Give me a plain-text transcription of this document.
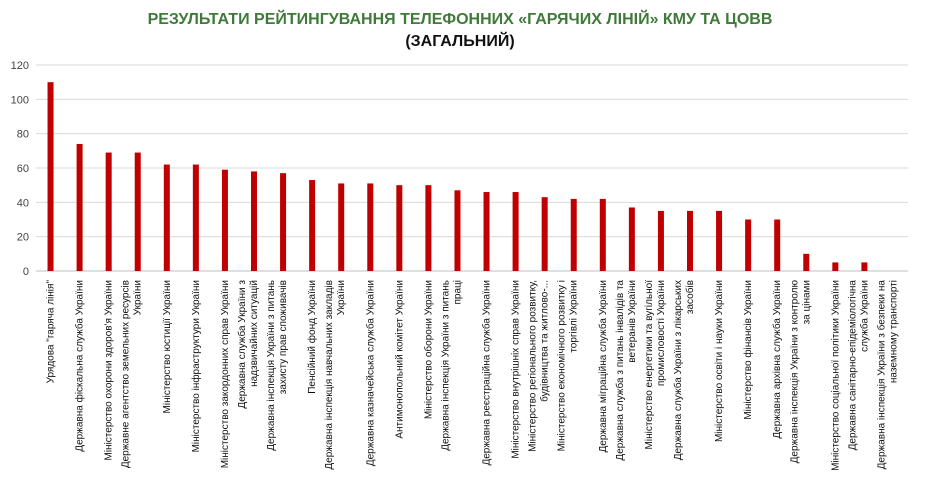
РЕЗУЛЬТАТИ РЕЙТИНГУВАННЯ ТЕЛЕФОННИХ «ГАРЯЧИХ ЛІНІЙ» КМУ ТА ЦОВВ
(ЗАГАЛЬНИЙ)
0
20
40
60
80
100
120
Урядова "гаряча лінія" Державна фіскальна служба України Міністерство охорони здоров'я України Державне агентство земельних ресурсів України Міністерство юстиції України Міністерство інфраструктури України Міністерство закордонних справ України Державна служба України з надзвичайних ситуацій Державна інспекція України з питань захисту прав споживачів Пенсійний фонд України Державна інспекція навчальних закладів України Державна казначейська служба України Антимонопольний комітет України Міністерство оборони України Державна інспекція України з питань праці Державна реєстраційна служба України Міністерство внутрішніх справ України Міністерство регіонального розвитку, будівництва та житлово-... Міністерство економічного розвитку і торгівлі України Державна міграційна служба України Державна служба з питань інвалідів та ветеранів України Міністерство енергетики та вугільної промисловості України Державна служба України з лікарських засобів Міністерство освіти і науки України Міністерство фінансів України Державна архівна служба України Державна інспекція України з контролю за цінами Міністерство соціальної політики України Державна санітарно-епідеміологічна служба України Державна інспекція України з безпеки на наземному транспорті
